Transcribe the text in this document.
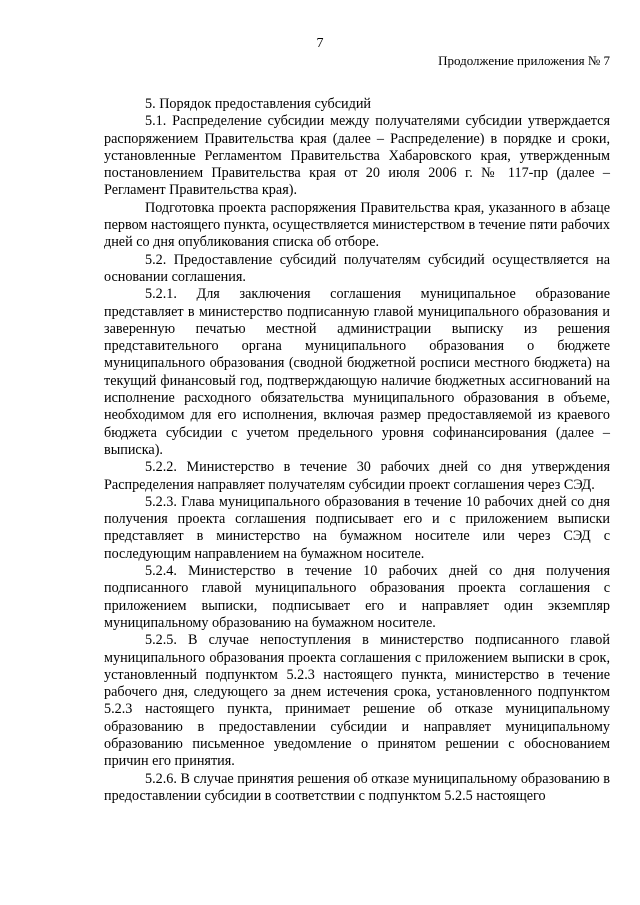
7
Продолжение приложения № 7

5. Порядок предоставления субсидий

5.1. Распределение субсидии между получателями субсидии утверждается распоряжением Правительства края (далее – Распределение) в порядке и сроки, установленные Регламентом Правительства Хабаровского края, утвержденным постановлением Правительства края от 20 июля 2006 г. № 117-пр (далее – Регламент Правительства края).

Подготовка проекта распоряжения Правительства края, указанного в абзаце первом настоящего пункта, осуществляется министерством в течение пяти рабочих дней со дня опубликования списка об отборе.

5.2. Предоставление субсидий получателям субсидий осуществляется на основании соглашения.

5.2.1. Для заключения соглашения муниципальное образование представляет в министерство подписанную главой муниципального образования и заверенную печатью местной администрации выписку из решения представительного органа муниципального образования о бюджете муниципального образования (сводной бюджетной росписи местного бюджета) на текущий финансовый год, подтверждающую наличие бюджетных ассигнований на исполнение расходного обязательства муниципального образования в объеме, необходимом для его исполнения, включая размер предоставляемой из краевого бюджета субсидии с учетом предельного уровня софинансирования (далее – выписка).

5.2.2. Министерство в течение 30 рабочих дней со дня утверждения Распределения направляет получателям субсидии проект соглашения через СЭД.

5.2.3. Глава муниципального образования в течение 10 рабочих дней со дня получения проекта соглашения подписывает его и с приложением выписки представляет в министерство на бумажном носителе или через СЭД с последующим направлением на бумажном носителе.

5.2.4. Министерство в течение 10 рабочих дней со дня получения подписанного главой муниципального образования проекта соглашения с приложением выписки, подписывает его и направляет один экземпляр муниципальному образованию на бумажном носителе.

5.2.5. В случае непоступления в министерство подписанного главой муниципального образования проекта соглашения с приложением выписки в срок, установленный подпунктом 5.2.3 настоящего пункта, министерство в течение рабочего дня, следующего за днем истечения срока, установленного подпунктом 5.2.3 настоящего пункта, принимает решение об отказе муниципальному образованию в предоставлении субсидии и направляет муниципальному образованию письменное уведомление о принятом решении с обоснованием причин его принятия.

5.2.6. В случае принятия решения об отказе муниципальному образованию в предоставлении субсидии в соответствии с подпунктом 5.2.5 настоящего
